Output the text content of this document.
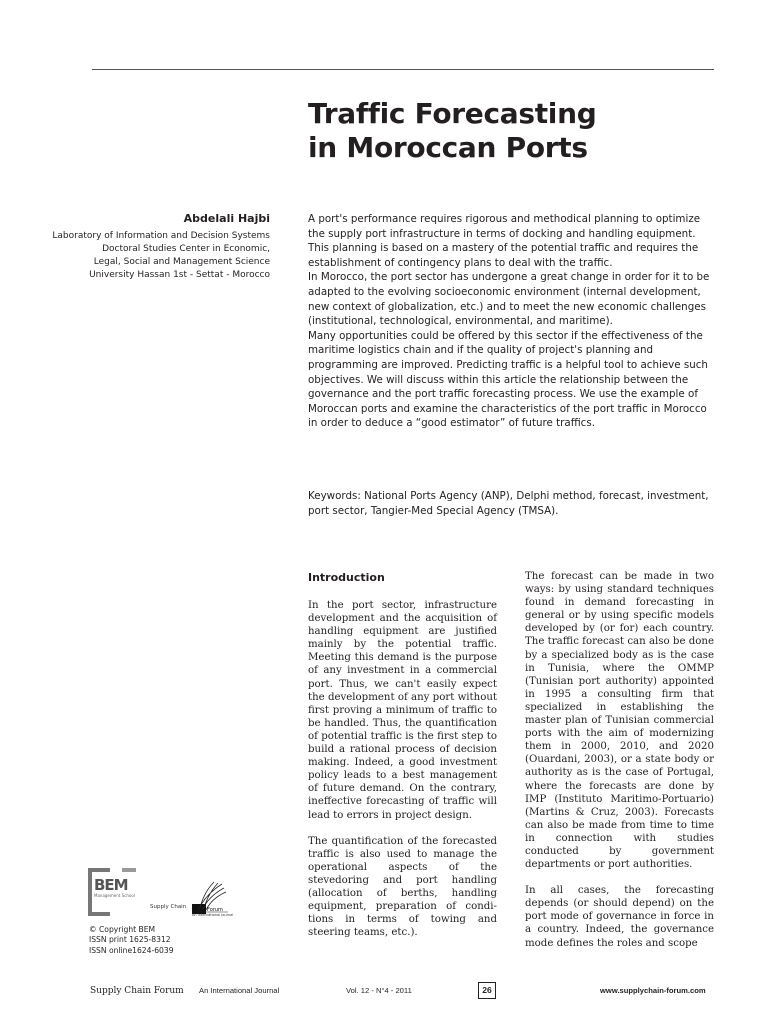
Traffic Forecasting
in Moroccan Ports
Abdelali Hajbi
Laboratory of Information and Decision Systems
Doctoral Studies Center in Economic,
Legal, Social and Management Science
University Hassan 1st - Settat - Morocco

A port's performance requires rigorous and methodical planning to optimize the supply port infrastructure in terms of docking and handling equipment. This planning is based on a mastery of the potential traffic and requires the establishment of contingency plans to deal with the traffic.

In Morocco, the port sector has undergone a great change in order for it to be adapted to the evolving socioeconomic environment (internal development, new context of globalization, etc.) and to meet the new economic challenges (institutional, technological, environmental, and maritime).

Many opportunities could be offered by this sector if the effectiveness of the maritime logistics chain and if the quality of project's planning and programming are improved. Predicting traffic is a helpful tool to achieve such objectives. We will discuss within this article the relationship between the governance and the port traffic forecasting process. We use the example of Moroccan ports and examine the characteristics of the port traffic in Morocco in order to deduce a “good estimator” of future traffics.

Keywords: National Ports Agency (ANP), Delphi method, forecast, investment, port sector, Tangier-Med Special Agency (TMSA).

Introduction

In the port sector, infrastructure development and the acquisition of handling equipment are justified mainly by the potential traffic. Meeting this demand is the purpose of any investment in a commercial port. Thus, we can't easily expect the development of any port without first proving a minimum of traffic to be handled. Thus, the quantification of potential traffic is the first step to build a rational process of decision making. Indeed, a good investment policy leads to a best management of future demand. On the contrary, ineffective forecasting of traffic will lead to errors in project design.

The quantification of the forecasted traffic is also used to manage the operational aspects of the stevedoring and port handling (allocation of berths, handling equipment, preparation of condi-tions in terms of towing and steering teams, etc.).

The forecast can be made in two ways: by using standard techniques found in demand forecasting in general or by using specific models developed by (or for) each country. The traffic forecast can also be done by a specialized body as is the case in Tunisia, where the OMMP (Tunisian port authority) appointed in 1995 a consulting firm that specialized in establishing the master plan of Tunisian commercial ports with the aim of modernizing them in 2000, 2010, and 2020 (Ouardani, 2003), or a state body or authority as is the case of Portugal, where the forecasts are done by IMP (Instituto Maritimo-Portuario) (Martins & Cruz, 2003). Forecasts can also be made from time to time in connection with studies conducted by government departments or port authorities.

In all cases, the forecasting depends (or should depend) on the port mode of governance in force in a country. Indeed, the governance mode defines the roles and scope

BEM
Management School
Supply Chain	Forum
An International Journal
© Copyright BEM
ISSN print 1625-8312
ISSN online1624-6039
Supply Chain Forum An International Journal	Vol. 12 - N°4 - 2011	26	www.supplychain-forum.com
